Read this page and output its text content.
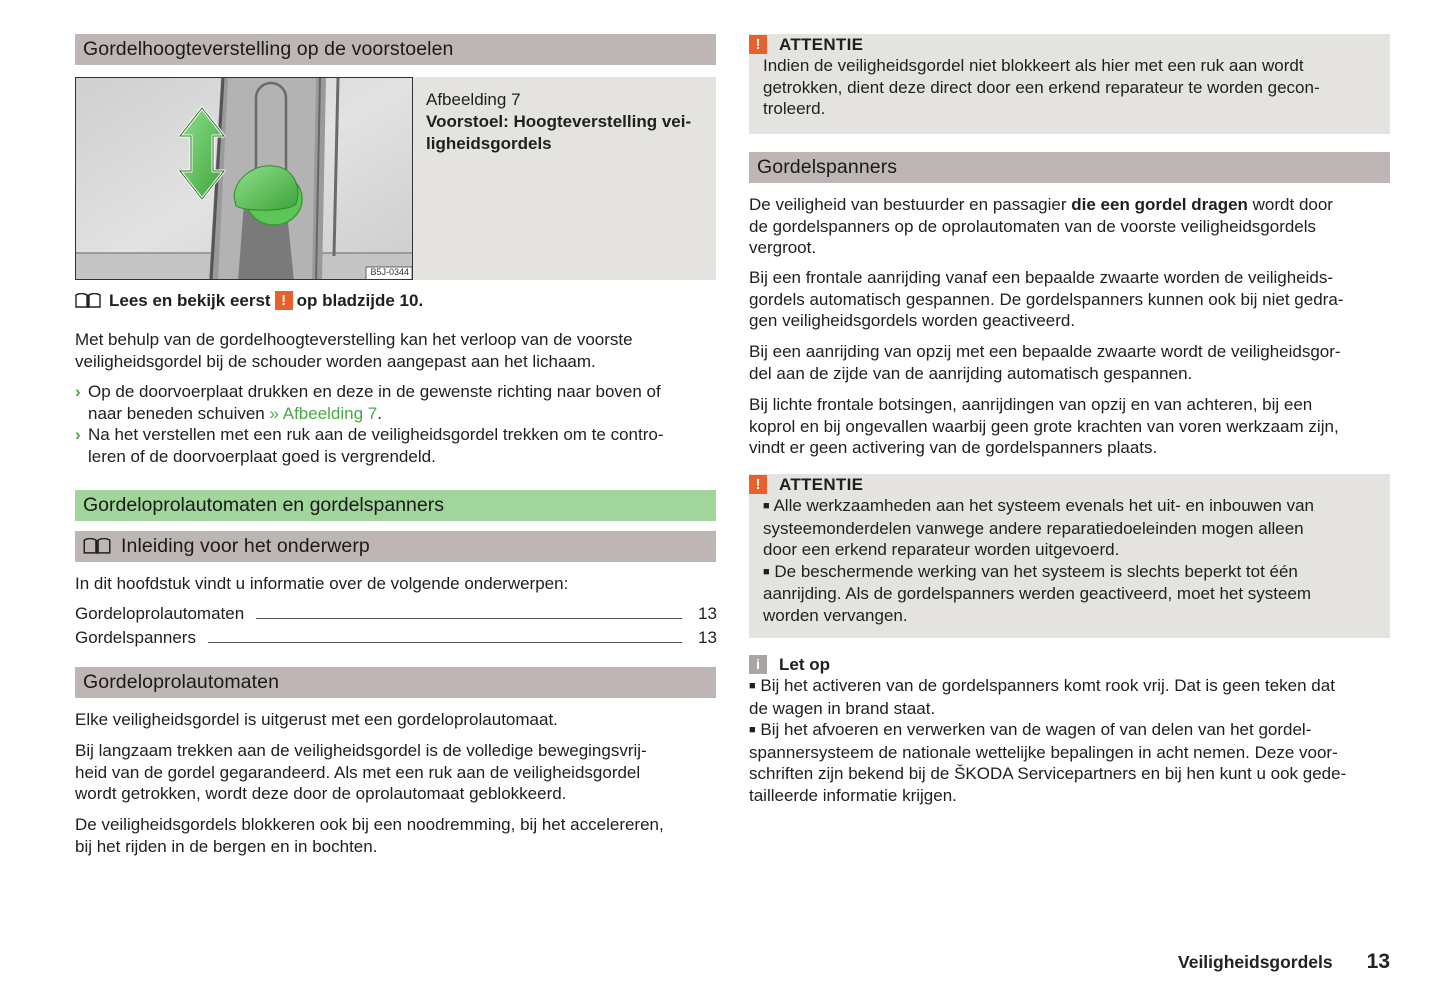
Gordelhoogteverstelling op de voorstoelen
B5J-0344
Afbeelding 7
Voorstoel: Hoogteverstelling vei-
ligheidsgordels
Lees en bekijk eerst ! op bladzijde 10.
Met behulp van de gordelhoogteverstelling kan het verloop van de voorste
veiligheidsgordel bij de schouder worden aangepast aan het lichaam.
› Op de doorvoerplaat drukken en deze in de gewenste richting naar boven of
naar beneden schuiven » Afbeelding 7.
› Na het verstellen met een ruk aan de veiligheidsgordel trekken om te contro-
leren of de doorvoerplaat goed is vergrendeld.
Gordeloprolautomaten en gordelspanners
Inleiding voor het onderwerp
In dit hoofdstuk vindt u informatie over de volgende onderwerpen:
Gordeloprolautomaten	13
Gordelspanners	13
Gordeloprolautomaten
Elke veiligheidsgordel is uitgerust met een gordeloprolautomaat.
Bij langzaam trekken aan de veiligheidsgordel is de volledige bewegingsvrij-
heid van de gordel gegarandeerd. Als met een ruk aan de veiligheidsgordel
wordt getrokken, wordt deze door de oprolautomaat geblokkeerd.
De veiligheidsgordels blokkeren ook bij een noodremming, bij het accelereren,
bij het rijden in de bergen en in bochten.
!	ATTENTIE
Indien de veiligheidsgordel niet blokkeert als hier met een ruk aan wordt
getrokken, dient deze direct door een erkend reparateur te worden gecon-
troleerd.
Gordelspanners
De veiligheid van bestuurder en passagier die een gordel dragen wordt door
de gordelspanners op de oprolautomaten van de voorste veiligheidsgordels
vergroot.
Bij een frontale aanrijding vanaf een bepaalde zwaarte worden de veiligheids-
gordels automatisch gespannen. De gordelspanners kunnen ook bij niet gedra-
gen veiligheidsgordels worden geactiveerd.
Bij een aanrijding van opzij met een bepaalde zwaarte wordt de veiligheidsgor-
del aan de zijde van de aanrijding automatisch gespannen.
Bij lichte frontale botsingen, aanrijdingen van opzij en van achteren, bij een
koprol en bij ongevallen waarbij geen grote krachten van voren werkzaam zijn,
vindt er geen activering van de gordelspanners plaats.
!	ATTENTIE
■ Alle werkzaamheden aan het systeem evenals het uit- en inbouwen van
systeemonderdelen vanwege andere reparatiedoeleinden mogen alleen
door een erkend reparateur worden uitgevoerd.
■ De beschermende werking van het systeem is slechts beperkt tot één
aanrijding. Als de gordelspanners werden geactiveerd, moet het systeem
worden vervangen.
i	Let op
■ Bij het activeren van de gordelspanners komt rook vrij. Dat is geen teken dat
de wagen in brand staat.
■ Bij het afvoeren en verwerken van de wagen of van delen van het gordel-
spannersysteem de nationale wettelijke bepalingen in acht nemen. Deze voor-
schriften zijn bekend bij de ŠKODA Servicepartners en bij hen kunt u ook gede-
tailleerde informatie krijgen.
Veiligheidsgordels 13
